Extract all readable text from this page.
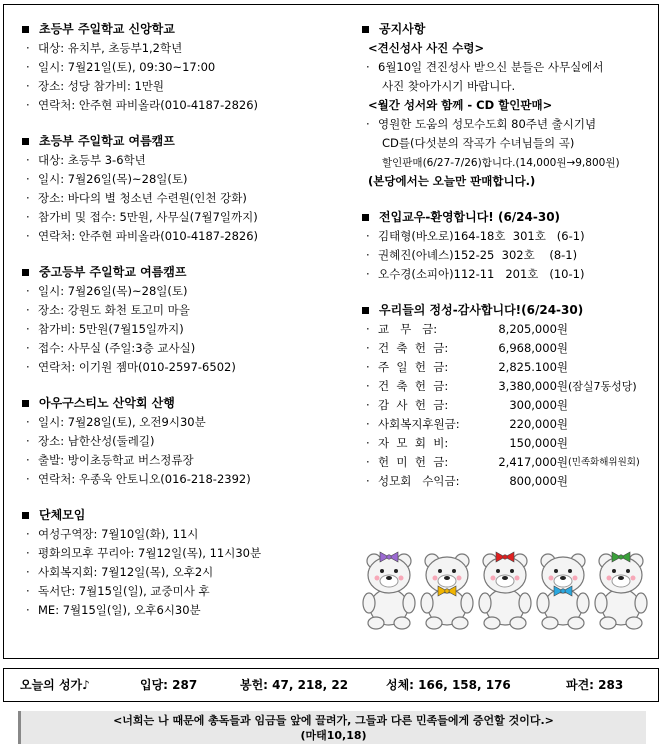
초등부 주일학교 신앙학교
· 대상: 유치부, 초등부1,2학년
· 일시: 7월21일(토), 09:30~17:00
· 장소: 성당 참가비: 1만원
· 연락처: 안주현 파비올라(010-4187-2826)
초등부 주일학교 여름캠프
· 대상: 초등부 3-6학년
· 일시: 7월26일(목)~28일(토)
· 장소: 바다의 별 청소년 수련원(인천 강화)
· 참가비 및 접수: 5만원, 사무실(7월7일까지)
· 연락처: 안주현 파비올라(010-4187-2826)
중고등부 주일학교 여름캠프
· 일시: 7월26일(목)~28일(토)
· 장소: 강원도 화천 토고미 마을
· 참가비: 5만원(7월15일까지)
· 접수: 사무실 (주일:3층 교사실)
· 연락처: 이기원 젬마(010-2597-6502)
아우구스티노 산악회 산행
· 일시: 7월28일(토), 오전9시30분
· 장소: 남한산성(둘레길)
· 출발: 방이초등학교 버스정류장
· 연락처: 우종욱 안토니오(016-218-2392)
단체모임
· 여성구역장: 7월10일(화), 11시
· 평화의모후 꾸리아: 7월12일(목), 11시30분
· 사회복지회: 7월12일(목), 오후2시
· 독서단: 7월15일(일), 교중미사 후
· ME: 7월15일(일), 오후6시30분
공지사항
<견신성사 사진 수령>
· 6월10일 견진성사 받으신 분들은 사무실에서
사진 찾아가시기 바랍니다.
<월간 성서와 함께 - CD 할인판매>
· 영원한 도움의 성모수도회 80주년 출시기념
CD를(다섯분의 작곡가 수녀님들의 곡)
할인판매(6/27-7/26)합니다.(14,000원→9,800원)
(본당에서는 오늘만 판매합니다.)
전입교우-환영합니다! (6/24-30)
· 김태형(바오로)164-18호  301호   (6-1)
· 권혜진(아녜스)152-25  302호    (8-1)
· 오수경(소피아)112-11   201호   (10-1)
우리들의 정성-감사합니다!(6/24-30)
· 교   무   금:	8,205,000원
· 건  축  헌  금:	6,968,000원
· 주  일  헌  금:	2,825.100원
· 건  축  헌  금:	3,380,000원 (잠실7동성당)
· 감  사  헌  금:	300,000원
· 사회복지후원금:	220,000원
· 자  모  회  비:	150,000원
· 헌  미  헌  금:	2,417,000원 (민족화해위원회)
· 성모회   수익금:	800,000원
오늘의 성가♪	입당: 287	봉헌: 47, 218, 22	성체: 166, 158, 176	파견: 283
<너희는 나 때문에 총독들과 임금들 앞에 끌려가, 그들과 다른 민족들에게 증언할 것이다.>
(마태10,18)
